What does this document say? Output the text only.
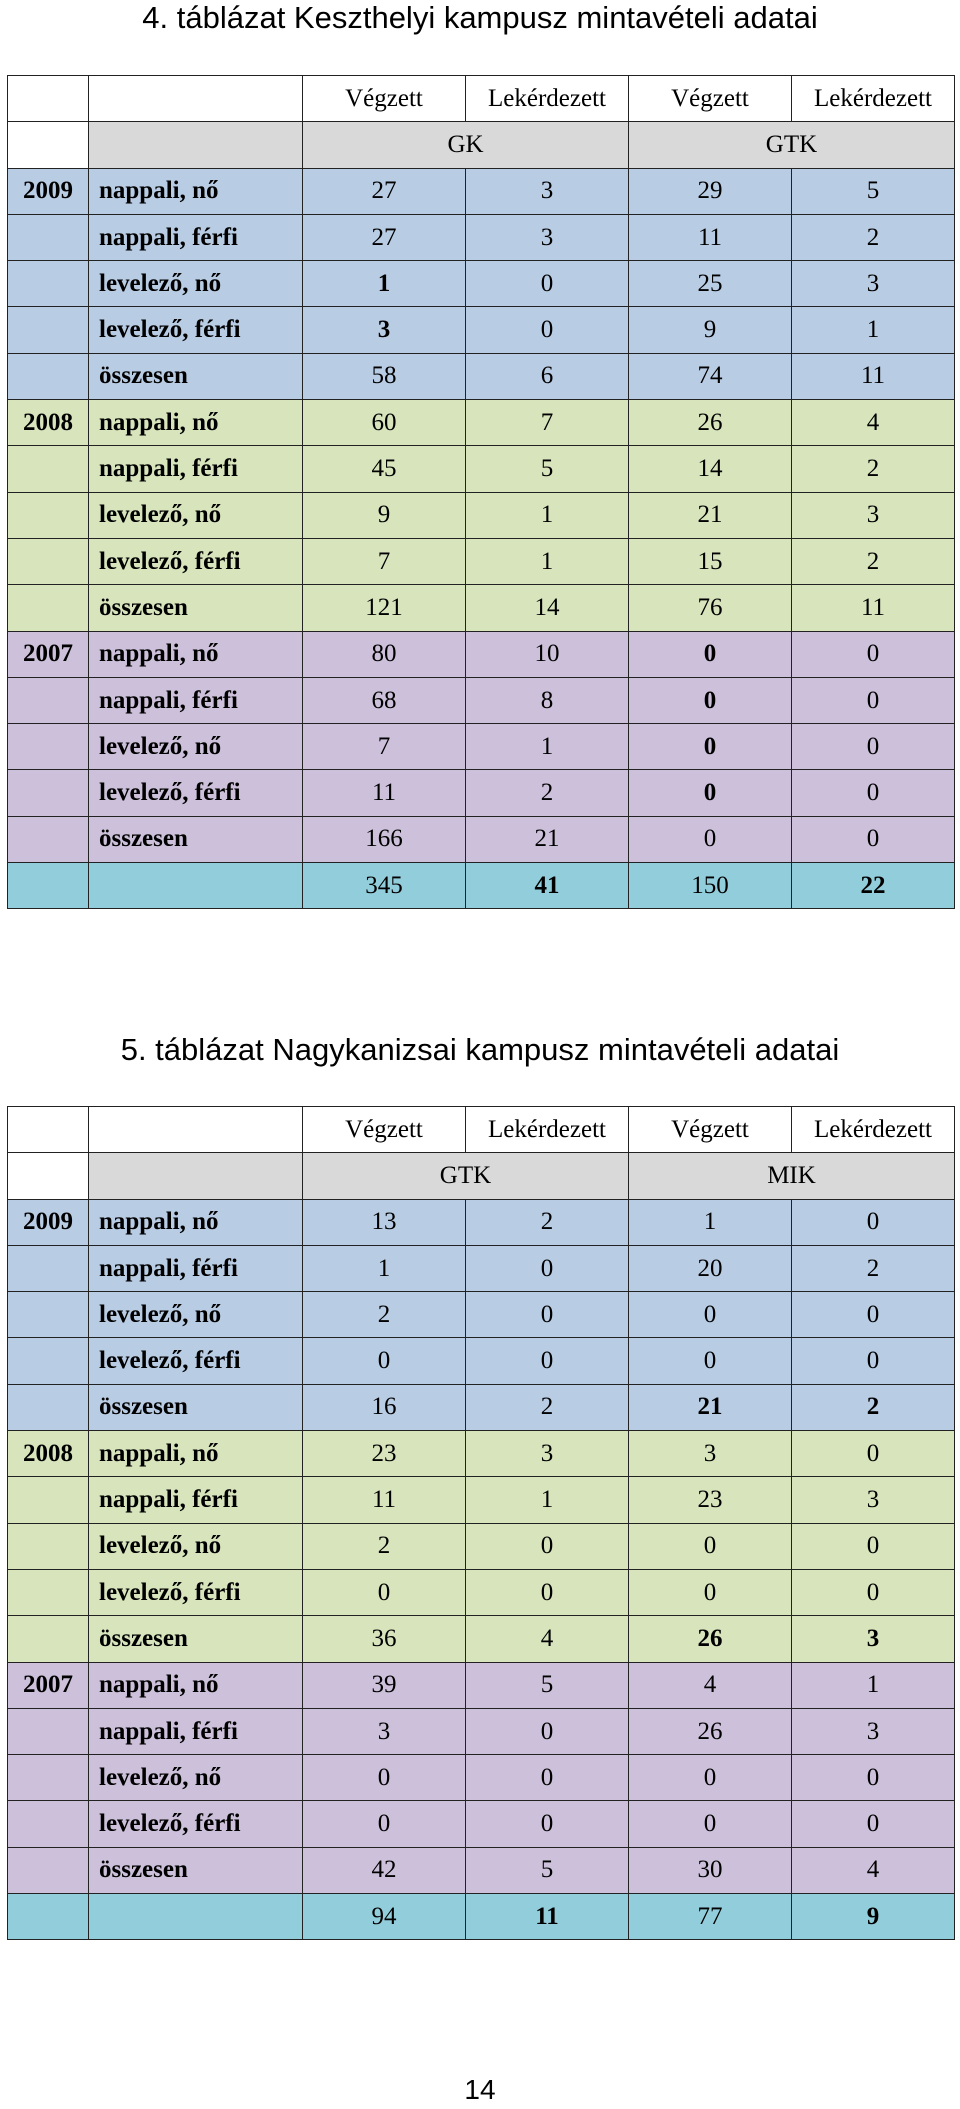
4. táblázat Keszthelyi kampusz mintavételi adatai
		Végzett	Lekérdezett	Végzett	Lekérdezett
		GK		GTK	
2009	nappali, nő	27	3	29	5
	nappali, férfi	27	3	11	2
	levelező, nő	1	0	25	3
	levelező, férfi	3	0	9	1
	összesen	58	6	74	11
2008	nappali, nő	60	7	26	4
	nappali, férfi	45	5	14	2
	levelező, nő	9	1	21	3
	levelező, férfi	7	1	15	2
	összesen	121	14	76	11
2007	nappali, nő	80	10	0	0
	nappali, férfi	68	8	0	0
	levelező, nő	7	1	0	0
	levelező, férfi	11	2	0	0
	összesen	166	21	0	0
		345	41	150	22
5. táblázat Nagykanizsai kampusz mintavételi adatai
		Végzett	Lekérdezett	Végzett	Lekérdezett
		GTK		MIK	
2009	nappali, nő	13	2	1	0
	nappali, férfi	1	0	20	2
	levelező, nő	2	0	0	0
	levelező, férfi	0	0	0	0
	összesen	16	2	21	2
2008	nappali, nő	23	3	3	0
	nappali, férfi	11	1	23	3
	levelező, nő	2	0	0	0
	levelező, férfi	0	0	0	0
	összesen	36	4	26	3
2007	nappali, nő	39	5	4	1
	nappali, férfi	3	0	26	3
	levelező, nő	0	0	0	0
	levelező, férfi	0	0	0	0
	összesen	42	5	30	4
		94	11	77	9
14
